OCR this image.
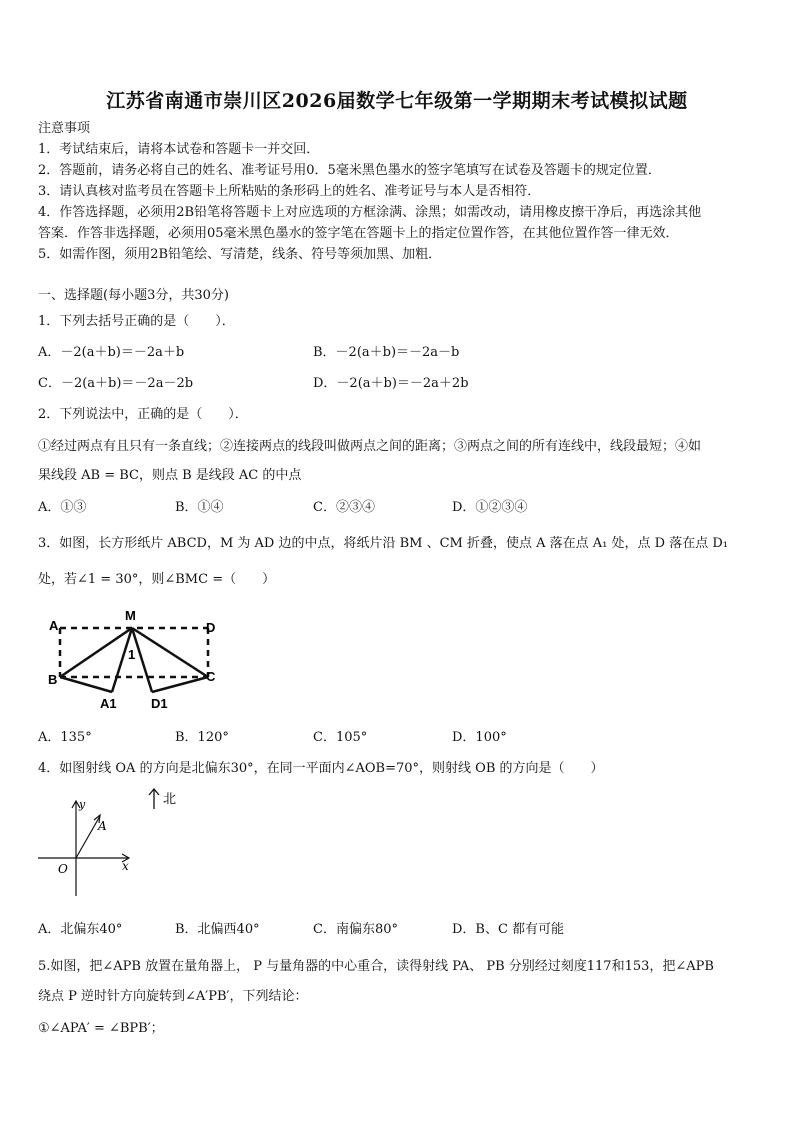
江苏省南通市崇川区2026届数学七年级第一学期期末考试模拟试题
注意事项
1．考试结束后，请将本试卷和答题卡一并交回．
2．答题前，请务必将自己的姓名、准考证号用0．5毫米黑色墨水的签字笔填写在试卷及答题卡的规定位置．
3．请认真核对监考员在答题卡上所粘贴的条形码上的姓名、准考证号与本人是否相符．
4．作答选择题，必须用2B铅笔将答题卡上对应选项的方框涂满、涂黑；如需改动，请用橡皮擦干净后，再选涂其他
答案．作答非选择题，必须用05毫米黑色墨水的签字笔在答题卡上的指定位置作答，在其他位置作答一律无效．
5．如需作图，须用2B铅笔绘、写清楚，线条、符号等须加黑、加粗．
一、选择题(每小题3分，共30分)
1．下列去括号正确的是（　　）．
A．－2(a＋b)＝－2a＋b	B．－2(a＋b)＝－2a－b
C．－2(a＋b)＝－2a－2b	D．－2(a＋b)＝－2a＋2b
2．下列说法中，正确的是（　　）．
①经过两点有且只有一条直线；②连接两点的线段叫做两点之间的距离；③两点之间的所有连线中，线段最短；④如
果线段 AB = BC，则点 B 是线段 AC 的中点
A．①③	B．①④	C．②③④	D．①②③④
3．如图，长方形纸片 ABCD，M 为 AD 边的中点，将纸片沿 BM 、CM 折叠，使点 A 落在点 A₁ 处，点 D 落在点 D₁
处，若∠1 = 30°，则∠BMC =（　　）
A
M
D
B	C
A1	D1
1
A．135°	B．120°	C．105°	D．100°
4．如图射线 OA 的方向是北偏东30°，在同一平面内∠AOB=70°，则射线 OB 的方向是（　　）
北
y
x
O
A
A．北偏东40°	B．北偏西40°	C．南偏东80°	D．B、C 都有可能
5.如图，把∠APB 放置在量角器上， P 与量角器的中心重合，读得射线 PA、 PB 分别经过刻度117和153，把∠APB
绕点 P 逆时针方向旋转到∠A′PB′，下列结论：
①∠APA′ = ∠BPB′；
